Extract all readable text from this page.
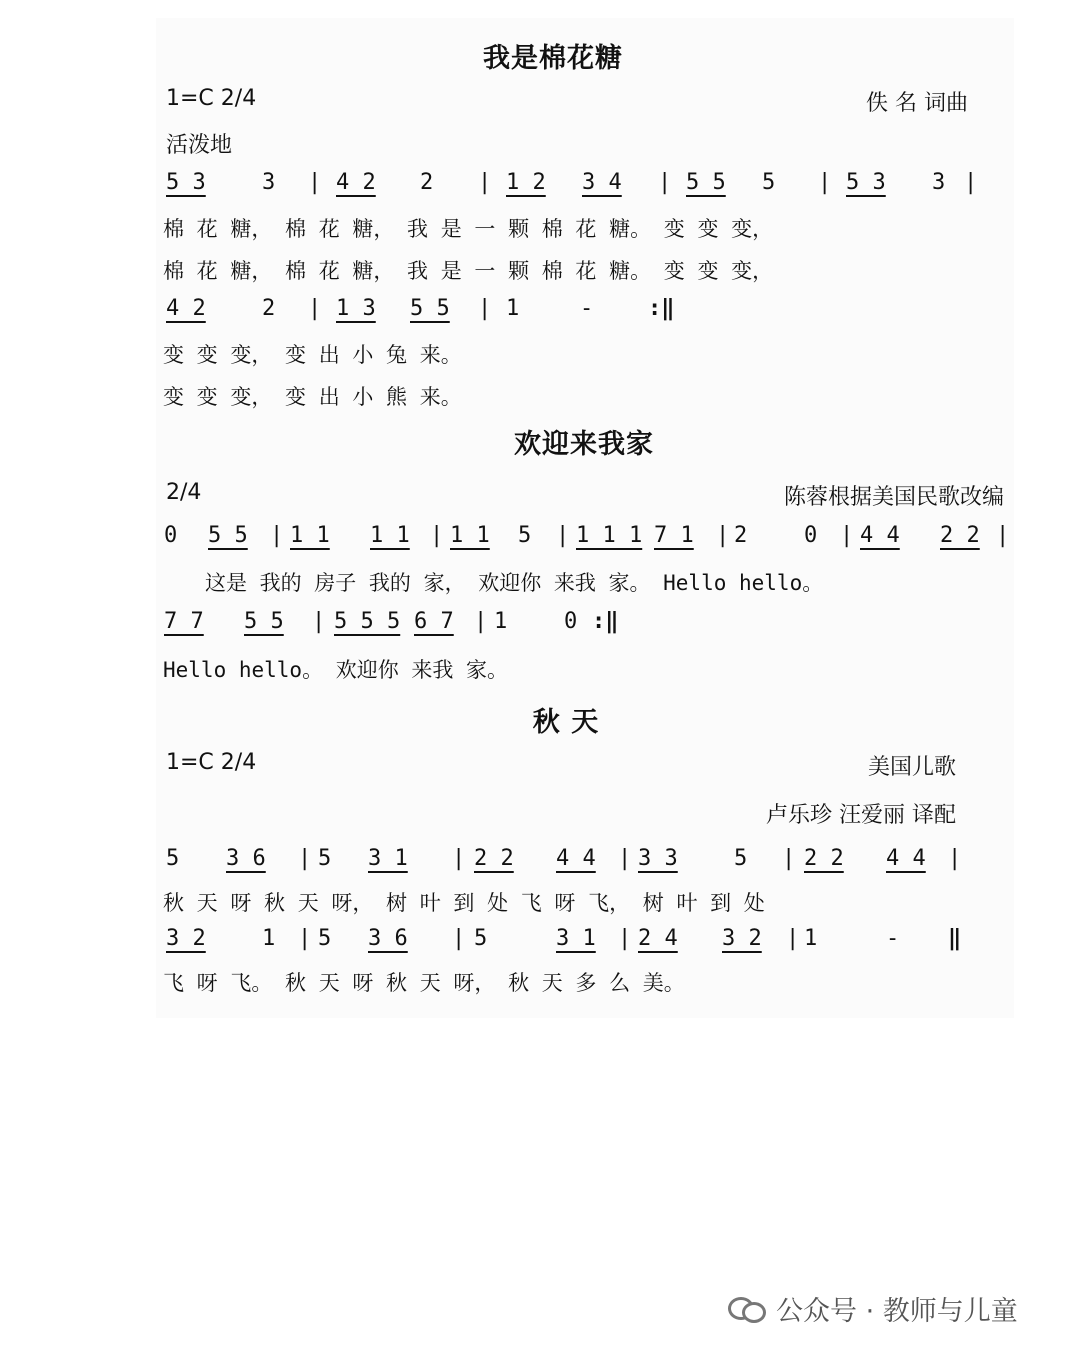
我是棉花糖
1=C 2/4	佚 名 词曲
活泼地
5 3	3 | 4 2 2 | 1 2 3 4 | 5 5 5 | 5 3 3 |
棉 花 糖， 棉 花 糖， 我 是 一 颗 棉 花 糖。 变 变 变，
棉 花 糖， 棉 花 糖， 我 是 一 颗 棉 花 糖。 变 变 变，
4 2	2 | 1 3 5 5 | 1	- :‖
变 变 变， 变 出 小 兔 来。
变 变 变， 变 出 小 熊 来。
欢迎来我家
2/4	陈蓉根据美国民歌改编
0 5 5 | 1 1 1 1 | 1 1 5 | 1 1 1 7 1 | 2	0 | 4 4 2 2 |
这是 我的 房子 我的 家， 欢迎你 来我 家。 Hello hello。
7 7 5 5 | 5 5 5 6 7 | 1	0 :‖
Hello hello。 欢迎你 来我 家。
秋 天
1=C 2/4	美国儿歌
卢乐珍 汪爱丽 译配
5 3 6 | 5 3 1 | 2 2 4 4 | 3 3	5 | 2 2 4 4 |
秋 天 呀 秋 天 呀， 树 叶 到 处 飞 呀 飞， 树 叶 到 处
3 2	1 | 5 3 6 | 5	3 1 | 2 4 3 2 | 1	- ‖
飞 呀 飞。 秋 天 呀 秋 天 呀， 秋 天 多 么 美。
公众号 · 教师与儿童
